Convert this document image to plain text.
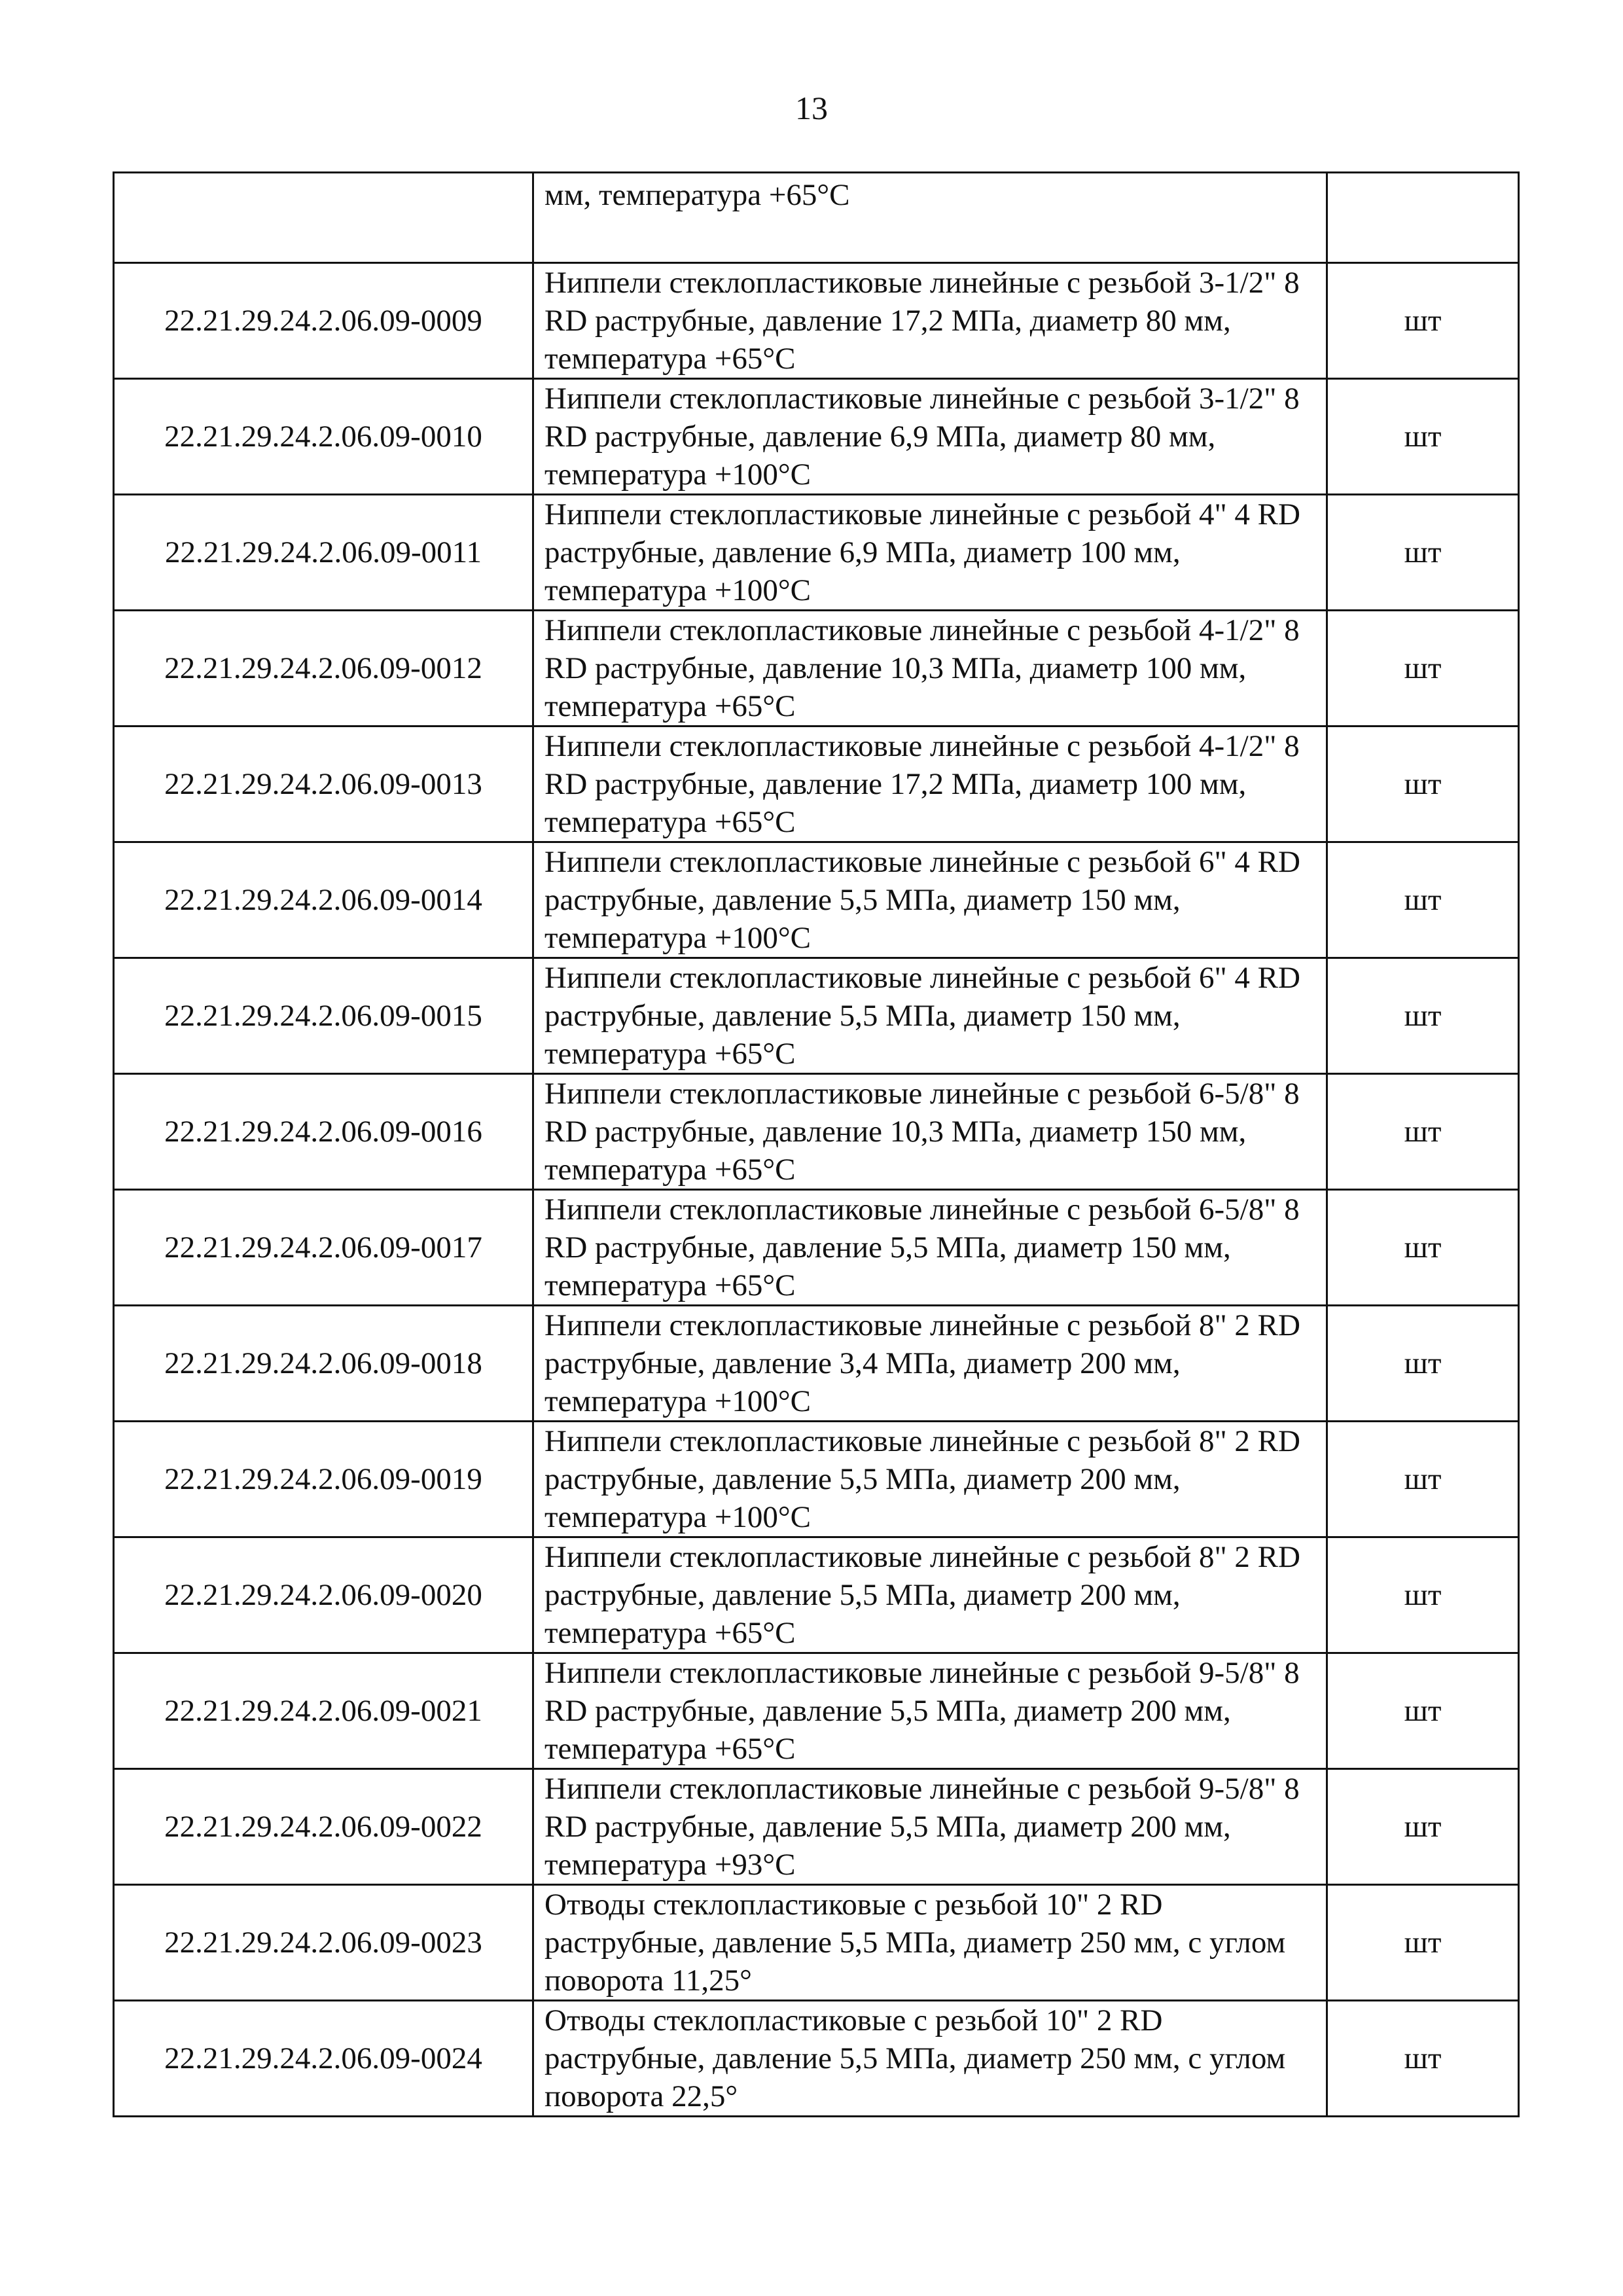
13
	мм, температура +65°С	
22.21.29.24.2.06.09-0009	Ниппели стеклопластиковые линейные с резьбой 3-1/2" 8 RD раструбные, давление 17,2 МПа, диаметр 80 мм, температура +65°С	шт
22.21.29.24.2.06.09-0010	Ниппели стеклопластиковые линейные с резьбой 3-1/2" 8 RD раструбные, давление 6,9 МПа, диаметр 80 мм, температура +100°С	шт
22.21.29.24.2.06.09-0011	Ниппели стеклопластиковые линейные с резьбой 4" 4 RD раструбные, давление 6,9 МПа, диаметр 100 мм, температура +100°С	шт
22.21.29.24.2.06.09-0012	Ниппели стеклопластиковые линейные с резьбой 4-1/2" 8 RD раструбные, давление 10,3 МПа, диаметр 100 мм, температура +65°С	шт
22.21.29.24.2.06.09-0013	Ниппели стеклопластиковые линейные с резьбой 4-1/2" 8 RD раструбные, давление 17,2 МПа, диаметр 100 мм, температура +65°С	шт
22.21.29.24.2.06.09-0014	Ниппели стеклопластиковые линейные с резьбой 6" 4 RD раструбные, давление 5,5 МПа, диаметр 150 мм, температура +100°С	шт
22.21.29.24.2.06.09-0015	Ниппели стеклопластиковые линейные с резьбой 6" 4 RD раструбные, давление 5,5 МПа, диаметр 150 мм, температура +65°С	шт
22.21.29.24.2.06.09-0016	Ниппели стеклопластиковые линейные с резьбой 6-5/8" 8 RD раструбные, давление 10,3 МПа, диаметр 150 мм, температура +65°С	шт
22.21.29.24.2.06.09-0017	Ниппели стеклопластиковые линейные с резьбой 6-5/8" 8 RD раструбные, давление 5,5 МПа, диаметр 150 мм, температура +65°С	шт
22.21.29.24.2.06.09-0018	Ниппели стеклопластиковые линейные с резьбой 8" 2 RD раструбные, давление 3,4 МПа, диаметр 200 мм, температура +100°С	шт
22.21.29.24.2.06.09-0019	Ниппели стеклопластиковые линейные с резьбой 8" 2 RD раструбные, давление 5,5 МПа, диаметр 200 мм, температура +100°С	шт
22.21.29.24.2.06.09-0020	Ниппели стеклопластиковые линейные с резьбой 8" 2 RD раструбные, давление 5,5 МПа, диаметр 200 мм, температура +65°С	шт
22.21.29.24.2.06.09-0021	Ниппели стеклопластиковые линейные с резьбой 9-5/8" 8 RD раструбные, давление 5,5 МПа, диаметр 200 мм, температура +65°С	шт
22.21.29.24.2.06.09-0022	Ниппели стеклопластиковые линейные с резьбой 9-5/8" 8 RD раструбные, давление 5,5 МПа, диаметр 200 мм, температура +93°С	шт
22.21.29.24.2.06.09-0023	Отводы стеклопластиковые с резьбой 10" 2 RD раструбные, давление 5,5 МПа, диаметр 250 мм, с углом поворота 11,25°	шт
22.21.29.24.2.06.09-0024	Отводы стеклопластиковые с резьбой 10" 2 RD раструбные, давление 5,5 МПа, диаметр 250 мм, с углом поворота 22,5°	шт
